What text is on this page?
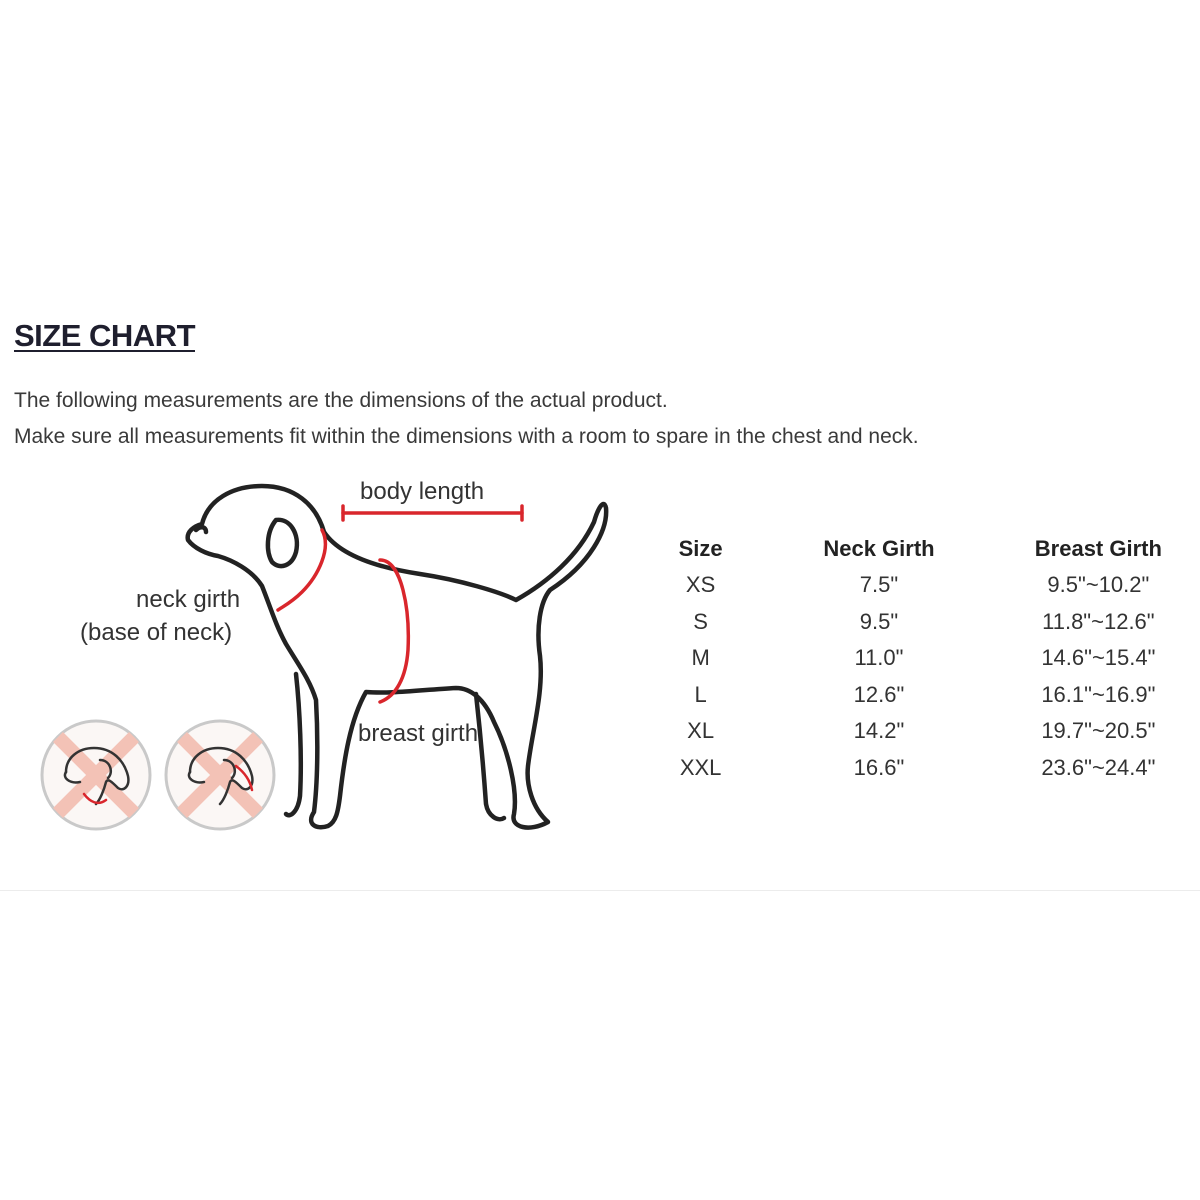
SIZE CHART
The following measurements are the dimensions of the actual product.
Make sure all measurements fit within the dimensions with a room to spare in the chest and neck.
body length
neck girth
(base of neck)
breast girth
Size	Neck Girth	Breast Girth
XS	7.5"	9.5"~10.2"
S	9.5"	11.8"~12.6"
M	11.0"	14.6"~15.4"
L	12.6"	16.1"~16.9"
XL	14.2"	19.7"~20.5"
XXL	16.6"	23.6"~24.4"
